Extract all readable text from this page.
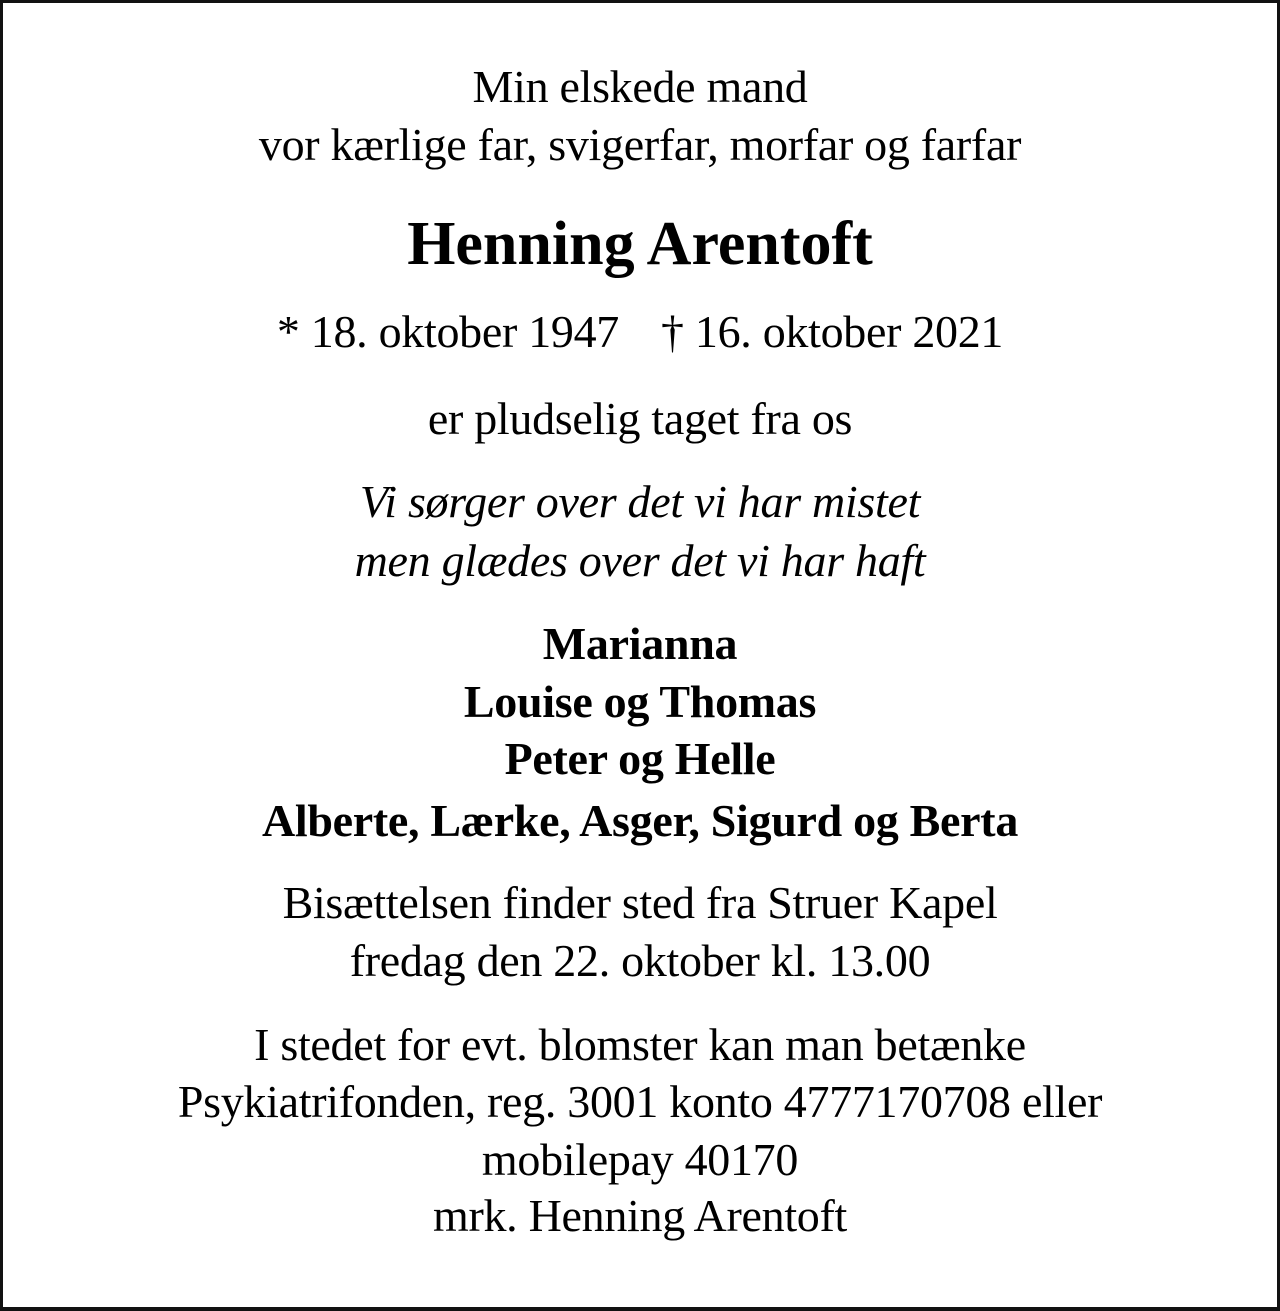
Min elskede mand
vor kærlige far, svigerfar, morfar og farfar
Henning Arentoft
* 18. oktober 1947 † 16. oktober 2021
er pludselig taget fra os
Vi sørger over det vi har mistet
men glædes over det vi har haft
Marianna
Louise og Thomas
Peter og Helle
Alberte, Lærke, Asger, Sigurd og Berta
Bisættelsen finder sted fra Struer Kapel
fredag den 22. oktober kl. 13.00
I stedet for evt. blomster kan man betænke
Psykiatrifonden, reg. 3001 konto 4777170708 eller
mobilepay 40170
mrk. Henning Arentoft
